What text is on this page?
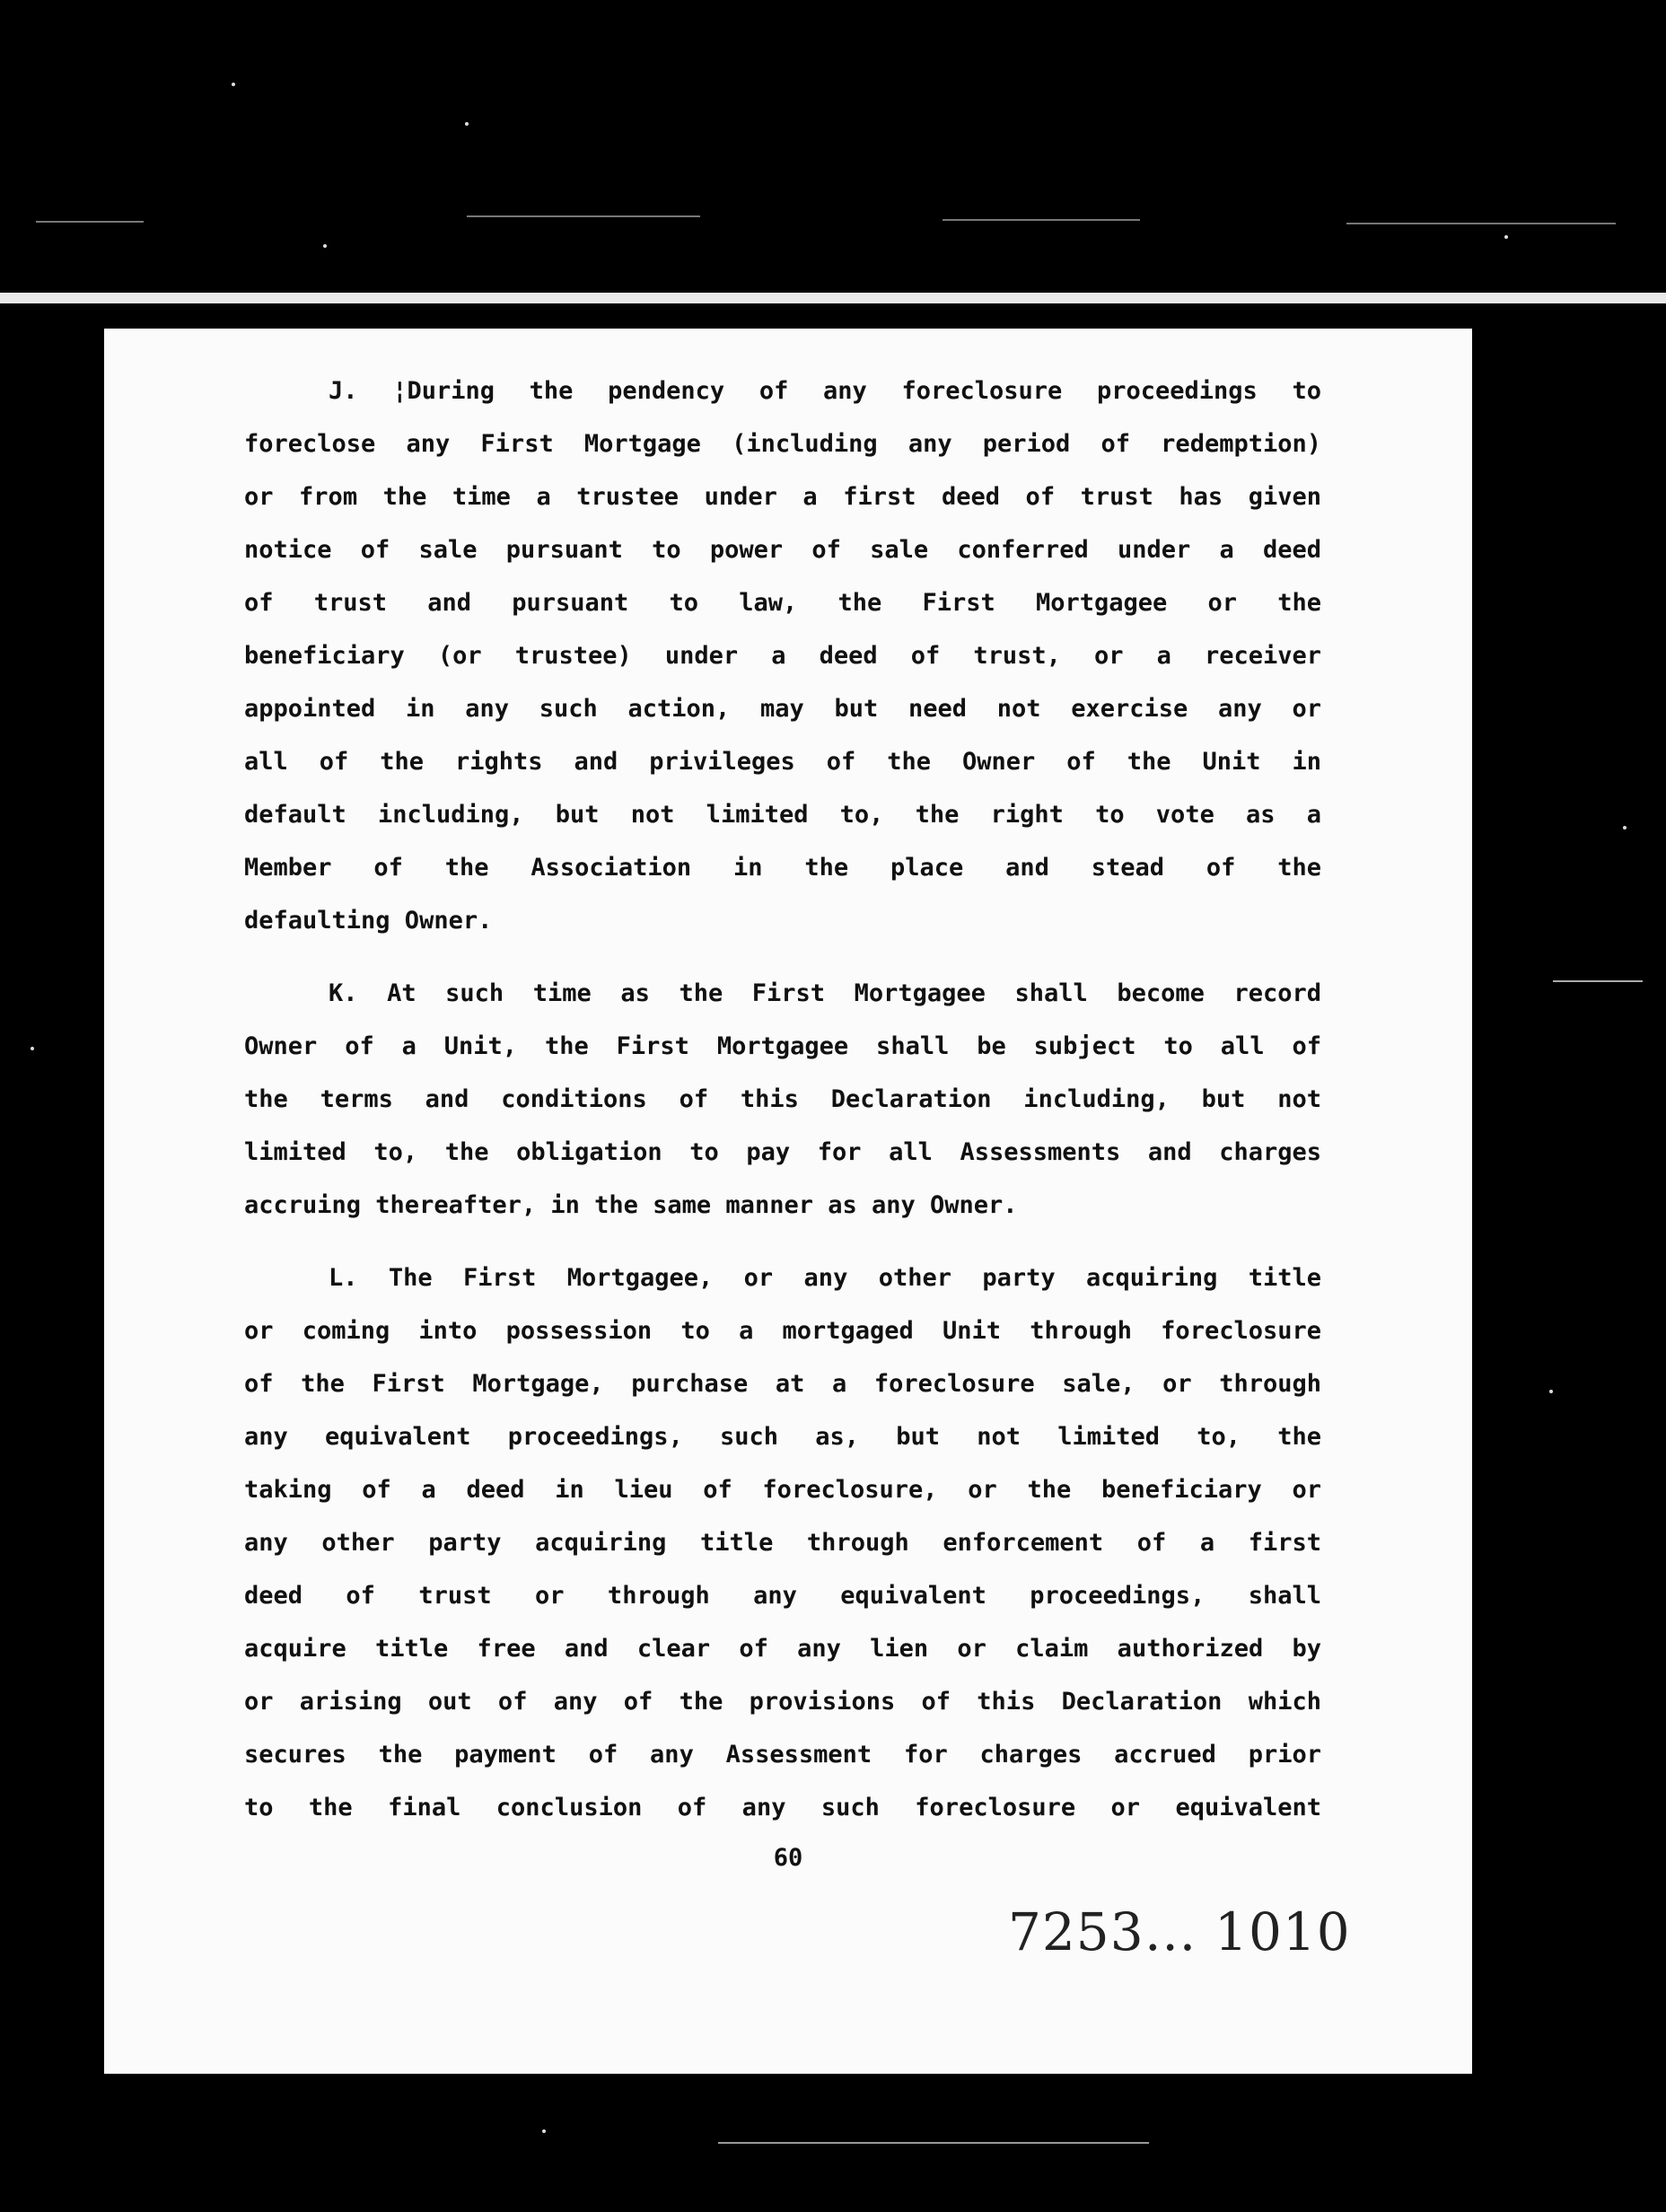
J. ¦During the pendency of any foreclosure proceedings to
foreclose any First Mortgage (including any period of redemption)
or from the time a trustee under a first deed of trust has given
notice of sale pursuant to power of sale conferred under a deed
of trust and pursuant to law, the First Mortgagee or the
beneficiary (or trustee) under a deed of trust, or a receiver
appointed in any such action, may but need not exercise any or
all of the rights and privileges of the Owner of the Unit in
default including, but not limited to, the right to vote as a
Member of the Association in the place and stead of the
defaulting Owner.
K. At such time as the First Mortgagee shall become record
Owner of a Unit, the First Mortgagee shall be subject to all of
the terms and conditions of this Declaration including, but not
limited to, the obligation to pay for all Assessments and charges
accruing thereafter, in the same manner as any Owner.
L. The First Mortgagee, or any other party acquiring title
or coming into possession to a mortgaged Unit through foreclosure
of the First Mortgage, purchase at a foreclosure sale, or through
any equivalent proceedings, such as, but not limited to, the
taking of a deed in lieu of foreclosure, or the beneficiary or
any other party acquiring title through enforcement of a first
deed of trust or through any equivalent proceedings, shall
acquire title free and clear of any lien or claim authorized by
or arising out of any of the provisions of this Declaration which
secures the payment of any Assessment for charges accrued prior
to the final conclusion of any such foreclosure or equivalent
60
7253… 1010
